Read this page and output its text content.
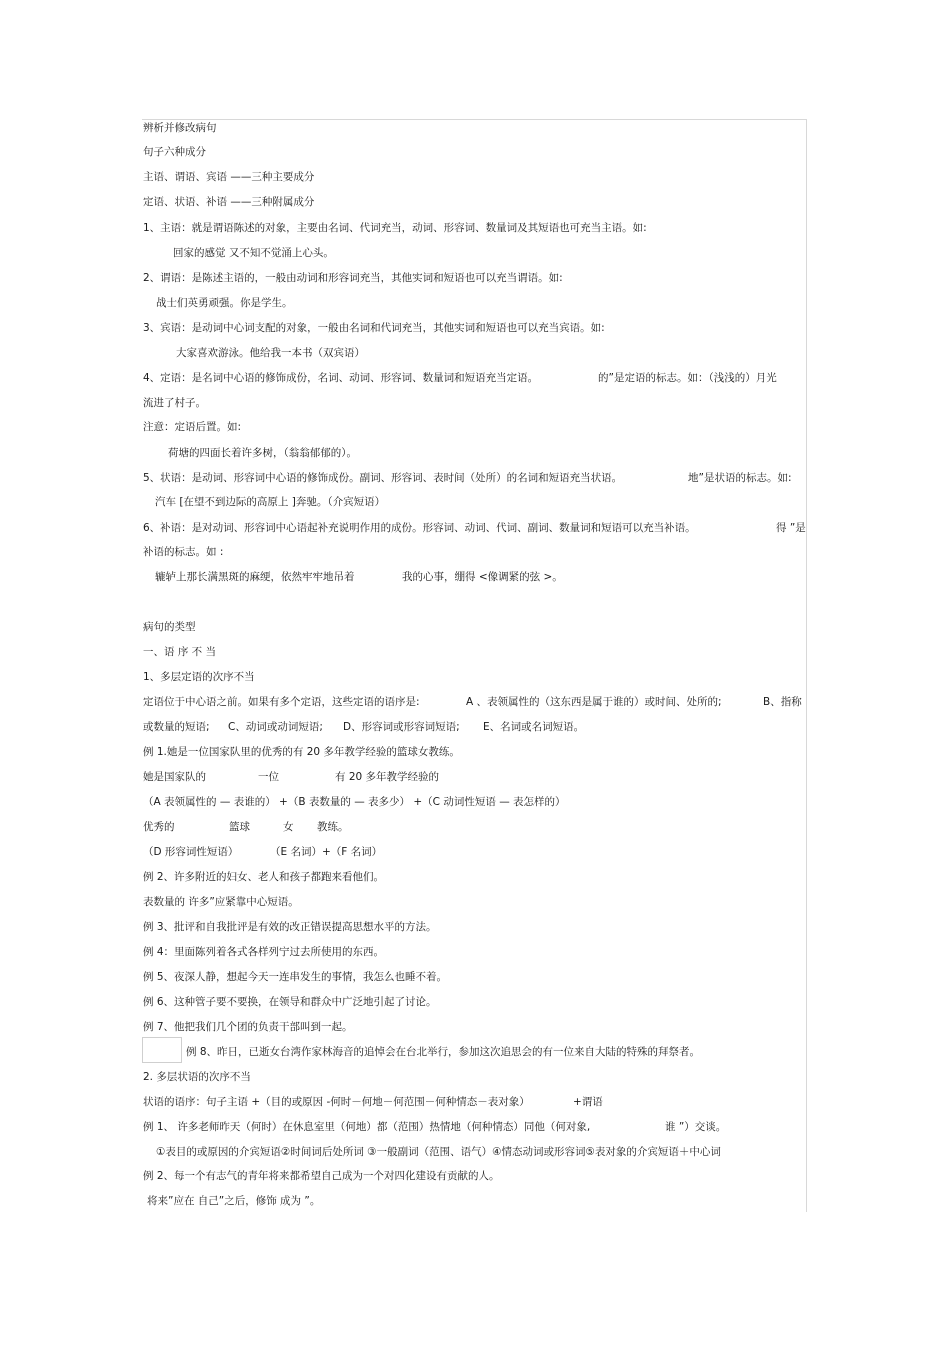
辨析并修改病句
句子六种成分
主语、谓语、宾语 ——三种主要成分
定语、状语、补语 ——三种附属成分
1、主语：就是谓语陈述的对象，主要由名词、代词充当，动词、形容词、数量词及其短语也可充当主语。如:
回家的感觉 又不知不觉涌上心头。
2、谓语：是陈述主语的，一般由动词和形容词充当，其他实词和短语也可以充当谓语。如:
战士们英勇顽强。你是学生。
3、宾语：是动词中心词支配的对象，一般由名词和代词充当，其他实词和短语也可以充当宾语。如:
大家喜欢游泳。他给我一本书（双宾语）
4、定语：是名词中心语的修饰成份，名词、动词、形容词、数量词和短语充当定语。	的”是定语的标志。如：（浅浅的）月光
流进了村子。
注意：定语后置。如:
荷塘的四面长着许多树，（翁翁郁郁的）。
5、状语：是动词、形容词中心语的修饰成份。副词、形容词、表时间（处所）的名词和短语充当状语。	地”是状语的标志。如:
汽车 [在望不到边际的高原上 ]奔驰。（介宾短语）
6、补语：是对动词、形容词中心语起补充说明作用的成份。形容词、动词、代词、副词、数量词和短语可以充当补语。	得 ”是
补语的标志。如 :
辘轳上那长满黑斑的麻绠，依然牢牢地吊着	我的心事，绷得 <像调紧的弦 >。
病句的类型
一、语 序 不 当
1、多层定语的次序不当
定语位于中心语之前。如果有多个定语，这些定语的语序是:	A 、表领属性的（这东西是属于谁的）或时间、处所的;	B、指称
或数量的短语; C、动词或动词短语; D、形容词或形容词短语; E、名词或名词短语。
例 1.她是一位国家队里的优秀的有 20 多年教学经验的篮球女教练。
她是国家队的	一位	有 20 多年教学经验的
（A 表领属性的 — 表谁的） +（B 表数量的 — 表多少） +（C 动词性短语 — 表怎样的）
优秀的	篮球	女 教练。
（D 形容词性短语）	（E 名词）+（F 名词）
例 2、许多附近的妇女、老人和孩子都跑来看他们。
表数量的 许多”应紧靠中心短语。
例 3、批评和自我批评是有效的改正错误提高思想水平的方法。
例 4：里面陈列着各式各样列宁过去所使用的东西。
例 5、夜深人静，想起今天一连串发生的事情，我怎么也睡不着。
例 6、这种管子要不要换，在领导和群众中广泛地引起了讨论。
例 7、他把我们几个团的负责干部叫到一起。
例 8、昨日，已逝女台湾作家林海音的追悼会在台北举行，参加这次追思会的有一位来自大陆的特殊的拜祭者。
2. 多层状语的次序不当
状语的语序：句子主语 +（目的或原因 -何时－何地－何范围－何种情态－表对象）	+谓语
例 1、 许多老师昨天（何时）在休息室里（何地）都（范围）热情地（何种情态）同他（何对象,	谁 ”）交谈。
①表目的或原因的介宾短语②时间词后处所词 ③一般副词（范围、语气）④情态动词或形容词⑤表对象的介宾短语＋中心词
例 2、每一个有志气的青年将来都希望自己成为一个对四化建设有贡献的人。
将来”应在 自己”之后，修饰 成为 ”。
